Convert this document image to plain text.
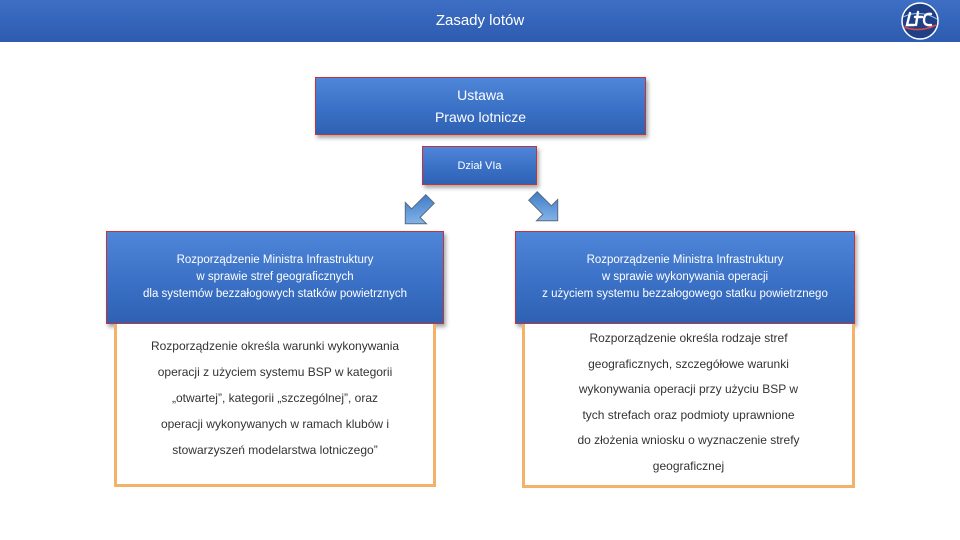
Zasady lotów
Ustawa
Prawo lotnicze
Dział VIa
Rozporządzenie Ministra Infrastruktury
w sprawie stref geograficznych
dla systemów bezzałogowych statków powietrznych
Rozporządzenie Ministra Infrastruktury
w sprawie wykonywania operacji
z użyciem systemu bezzałogowego statku powietrznego
Rozporządzenie określa warunki wykonywania
operacji z użyciem systemu BSP w kategorii
„otwartej”, kategorii „szczególnej”, oraz
operacji wykonywanych w ramach klubów i
stowarzyszeń modelarstwa lotniczego”
Rozporządzenie określa rodzaje stref
geograficznych, szczegółowe warunki
wykonywania operacji przy użyciu BSP w
tych strefach oraz podmioty uprawnione
do złożenia wniosku o wyznaczenie strefy
geograficznej
